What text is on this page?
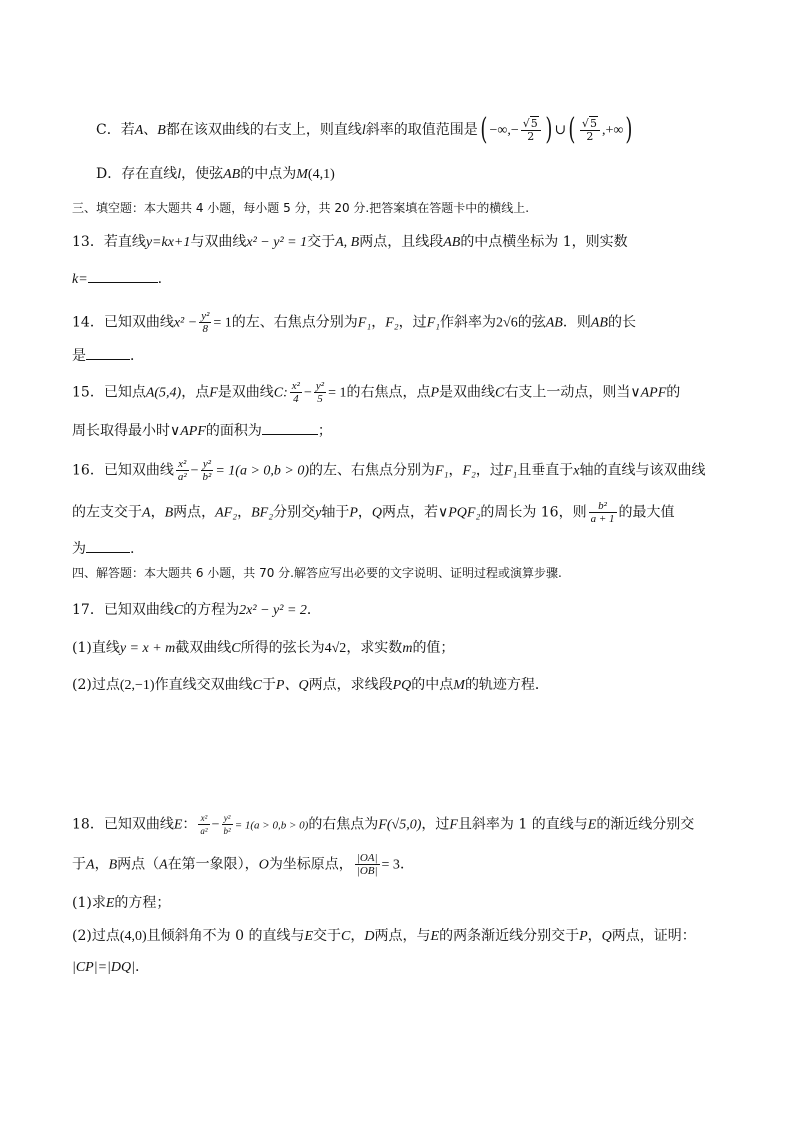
C．若A、B都在该双曲线的右支上，则直线l斜率的取值范围是( −∞,− $\frac{√5}{2}$ ) ∪( $\frac{√5}{2}$ ,+∞)
D．存在直线l，使弦AB的中点为M(4,1)
三、填空题：本大题共 4 小题，每小题 5 分，共 20 分.把答案填在答题卡中的横线上.
13．若直线y=kx+1与双曲线x² − y² = 1交于A, B两点，且线段AB的中点横坐标为 1，则实数
k=	.
14．已知双曲线$x^2 - \frac{\text{y²}}{8} = 1$的左、右焦点分别为F₁，F₂，过F₁作斜率为2√6的弦AB．则AB的长
是	．
15．已知点A(5,4)，点F是双曲线C: $\frac{\text{x²}}{4} - \frac{\text{y²}}{5} = 1$的右焦点，点P是双曲线C右支上一动点，则当∨APF的
周长取得最小时∨APF的面积为	；
16．已知双曲线 $\frac{\text{x²}}{\text{a²}} - \frac{\text{y²}}{\text{b²}} = 1(a > 0,b > 0)$的左、右焦点分别为F₁，F₂，过F₁且垂直于x轴的直线与该双曲线
的左支交于A，B两点，AF₂，BF₂分别交y轴于P，Q两点，若∨PQF₂的周长为 16，则 $\frac{\text{b²}}{a + 1}$ 的最大值
为	.
四、解答题：本大题共 6 小题，共 70 分.解答应写出必要的文字说明、证明过程或演算步骤.
17．已知双曲线C的方程为2x² − y² = 2．
(1)直线y = x + m截双曲线C所得的弦长为4√2，求实数m的值；
(2)过点(2,−1)作直线交双曲线C于P、Q两点，求线段PQ的中点M的轨迹方程．
18．已知双曲线E： $\frac{\text{x²}}{\text{a²}} - \frac{\text{y²}}{\text{b²}} = 1(a > 0,b > 0)$的右焦点为F(√5,0)，过F且斜率为 1 的直线与E的渐近线分别交
于A，B两点（A在第一象限），O为坐标原点， $\frac{|OA|}{|OB|} = 3$．
(1)求E的方程；
(2)过点(4,0)且倾斜角不为 0 的直线与E交于C，D两点，与E的两条渐近线分别交于P，Q两点，证明：
|CP|=|DQ|.
